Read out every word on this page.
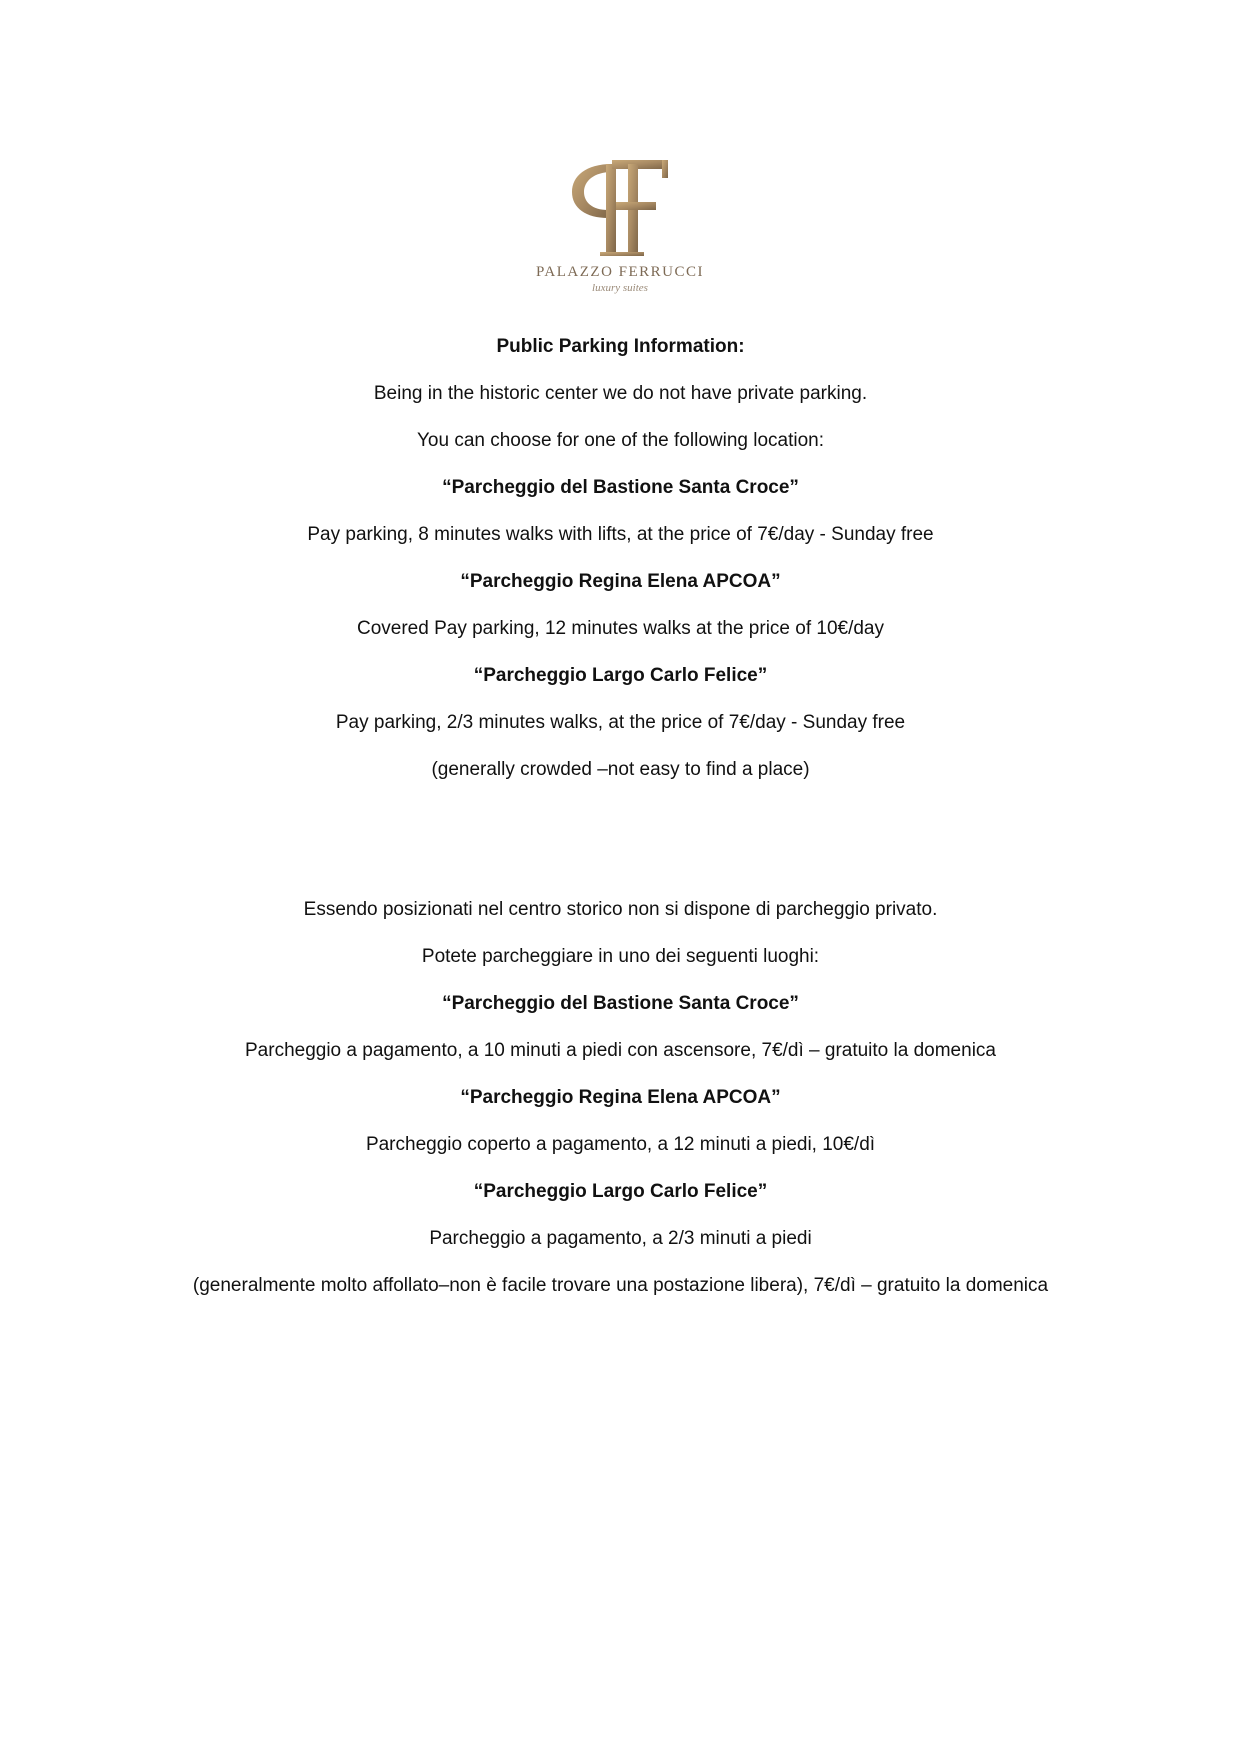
PALAZZO FERRUCCI
luxury suites
Public Parking Information:
Being in the historic center we do not have private parking.
You can choose for one of the following location:
“Parcheggio del Bastione Santa Croce”
Pay parking, 8 minutes walks with lifts, at the price of 7€/day - Sunday free
“Parcheggio Regina Elena APCOA”
Covered Pay parking, 12 minutes walks at the price of 10€/day
“Parcheggio Largo Carlo Felice”
Pay parking, 2/3 minutes walks, at the price of 7€/day - Sunday free
(generally crowded –not easy to find a place)
Essendo posizionati nel centro storico non si dispone di parcheggio privato.
Potete parcheggiare in uno dei seguenti luoghi:
“Parcheggio del Bastione Santa Croce”
Parcheggio a pagamento, a 10 minuti a piedi con ascensore, 7€/dì – gratuito la domenica
“Parcheggio Regina Elena APCOA”
Parcheggio coperto a pagamento, a 12 minuti a piedi, 10€/dì
“Parcheggio Largo Carlo Felice”
Parcheggio a pagamento, a 2/3 minuti a piedi
(generalmente molto affollato–non è facile trovare una postazione libera), 7€/dì – gratuito la domenica
